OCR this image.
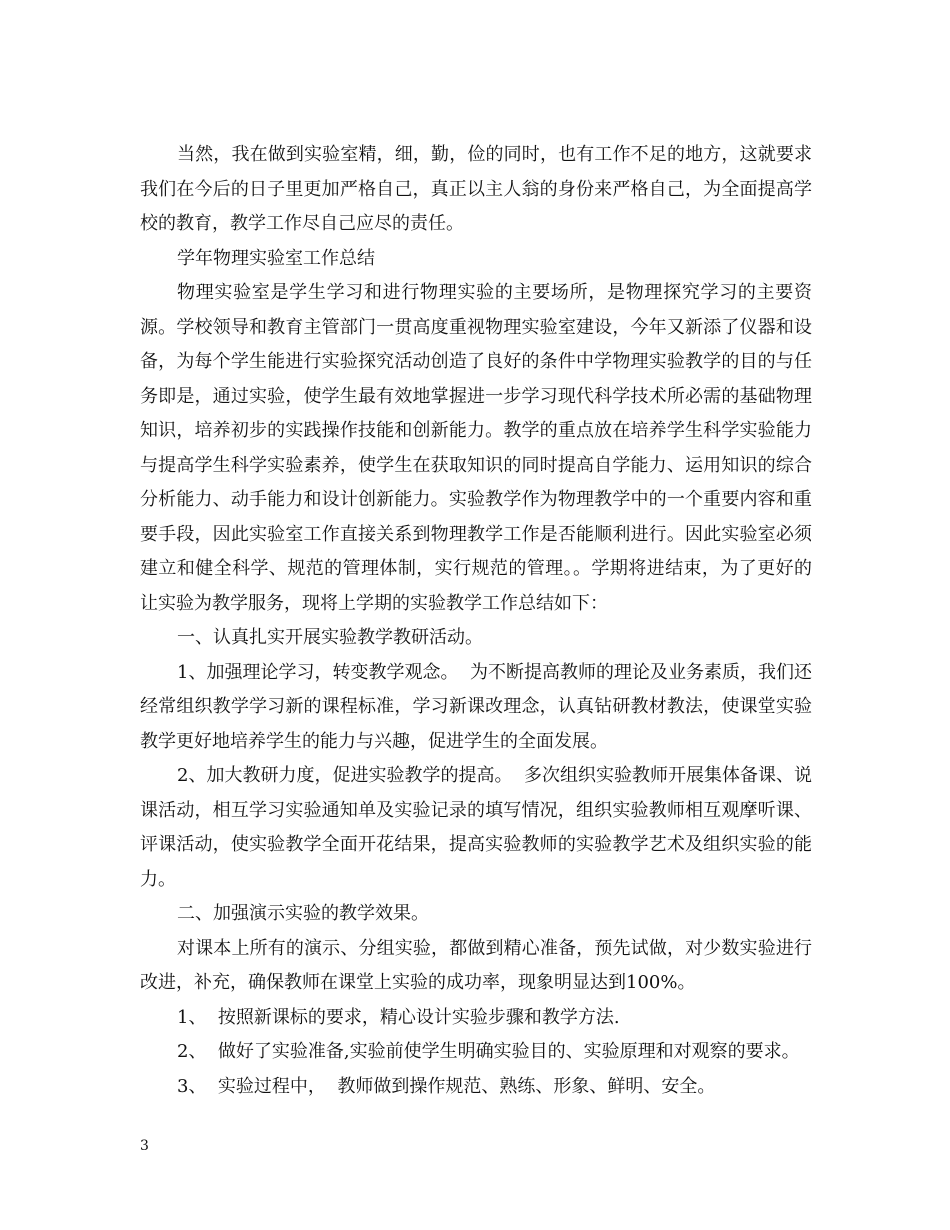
当然，我在做到实验室精，细，勤，俭的同时，也有工作不足的地方，这就要求我们在今后的日子里更加严格自己，真正以主人翁的身份来严格自己，为全面提高学校的教育，教学工作尽自己应尽的责任。

学年物理实验室工作总结

物理实验室是学生学习和进行物理实验的主要场所，是物理探究学习的主要资源。学校领导和教育主管部门一贯高度重视物理实验室建设，今年又新添了仪器和设备，为每个学生能进行实验探究活动创造了良好的条件中学物理实验教学的目的与任务即是，通过实验，使学生最有效地掌握进一步学习现代科学技术所必需的基础物理知识，培养初步的实践操作技能和创新能力。教学的重点放在培养学生科学实验能力与提高学生科学实验素养，使学生在获取知识的同时提高自学能力、运用知识的综合分析能力、动手能力和设计创新能力。实验教学作为物理教学中的一个重要内容和重要手段，因此实验室工作直接关系到物理教学工作是否能顺利进行。因此实验室必须建立和健全科学、规范的管理体制，实行规范的管理。。学期将进结束，为了更好的让实验为教学服务，现将上学期的实验教学工作总结如下：

一、认真扎实开展实验教学教研活动。

1、加强理论学习，转变教学观念。  为不断提高教师的理论及业务素质，我们还经常组织教学学习新的课程标准，学习新课改理念，认真钻研教材教法，使课堂实验教学更好地培养学生的能力与兴趣，促进学生的全面发展。

2、加大教研力度，促进实验教学的提高。  多次组织实验教师开展集体备课、说课活动，相互学习实验通知单及实验记录的填写情况，组织实验教师相互观摩听课、评课活动，使实验教学全面开花结果，提高实验教师的实验教学艺术及组织实验的能力。

二、加强演示实验的教学效果。

对课本上所有的演示、分组实验，都做到精心准备，预先试做，对少数实验进行改进，补充，确保教师在课堂上实验的成功率，现象明显达到100%。

1、  按照新课标的要求，精心设计实验步骤和教学方法.

2、  做好了实验准备,实验前使学生明确实验目的、实验原理和对观察的要求。

3、  实验过程中，  教师做到操作规范、熟练、形象、鲜明、安全。

3
